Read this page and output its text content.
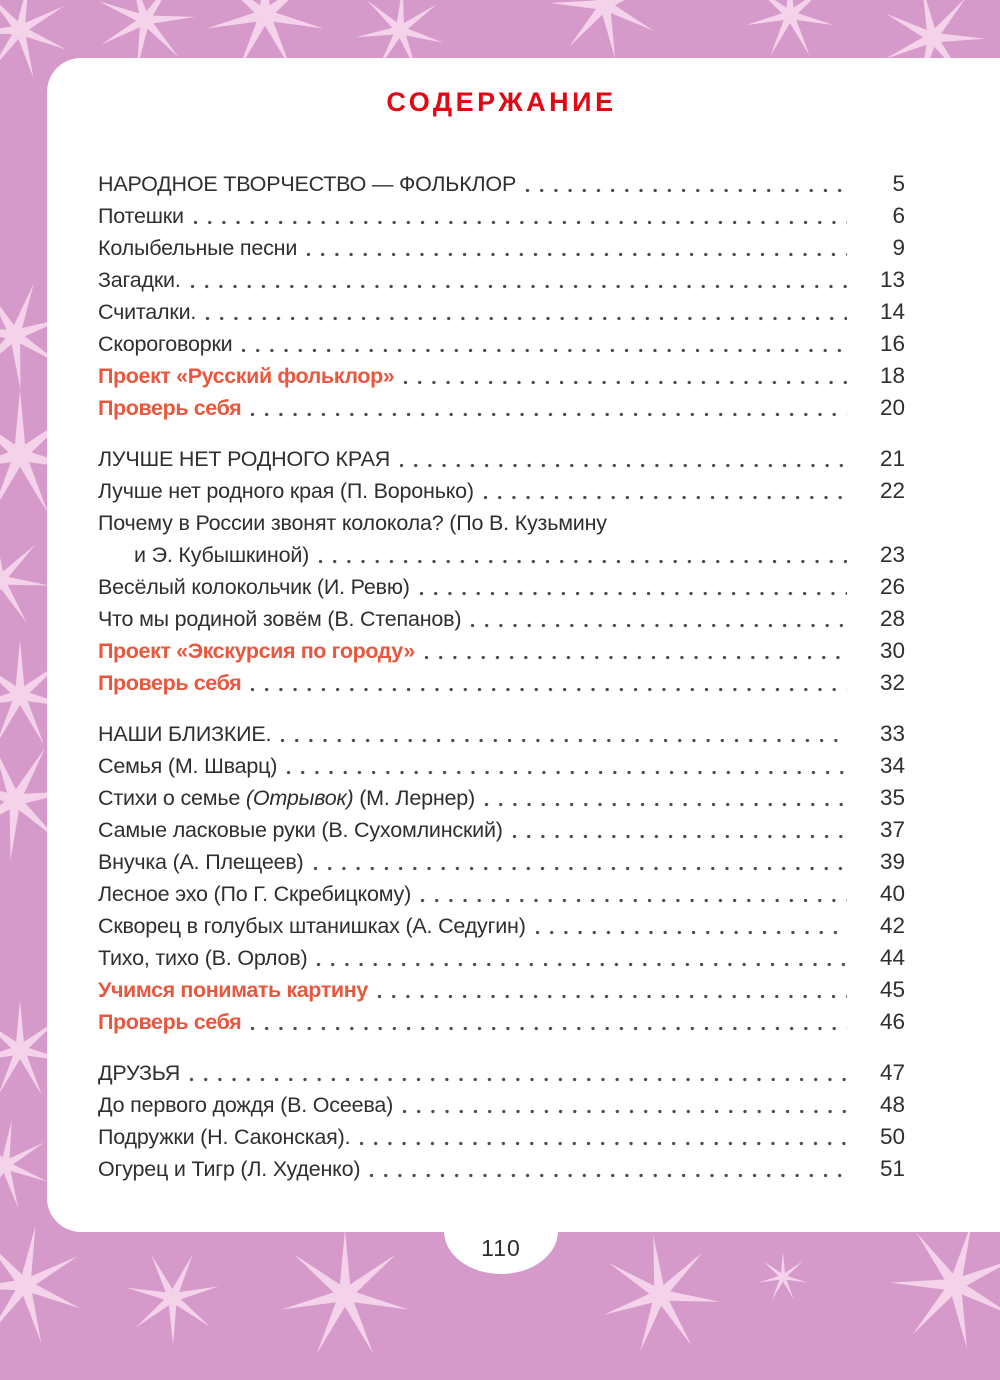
СОДЕРЖАНИЕ
НАРОДНОЕ ТВОРЧЕСТВО — ФОЛЬКЛОР	5
Потешки	6
Колыбельные песни	9
Загадки.	13
Считалки.	14
Скороговорки	16
Проект «Русский фольклор»	18
Проверь себя	20
ЛУЧШЕ НЕТ РОДНОГО КРАЯ	21
Лучше нет родного края (П. Воронько)	22
Почему в России звонят колокола? (По В. Кузьмину
и Э. Кубышкиной)	23
Весёлый колокольчик (И. Ревю)	26
Что мы родиной зовём (В. Степанов)	28
Проект «Экскурсия по городу»	30
Проверь себя	32
НАШИ БЛИЗКИЕ.	33
Семья (М. Шварц)	34
Стихи о семье (Отрывок) (М. Лернер)	35
Самые ласковые руки (В. Сухомлинский)	37
Внучка (А. Плещеев)	39
Лесное эхо (По Г. Скребицкому)	40
Скворец в голубых штанишках (А. Седугин)	42
Тихо, тихо (В. Орлов)	44
Учимся понимать картину	45
Проверь себя	46
ДРУЗЬЯ	47
До первого дождя (В. Осеева)	48
Подружки (Н. Саконская).	50
Огурец и Тигр (Л. Худенко)	51
110
